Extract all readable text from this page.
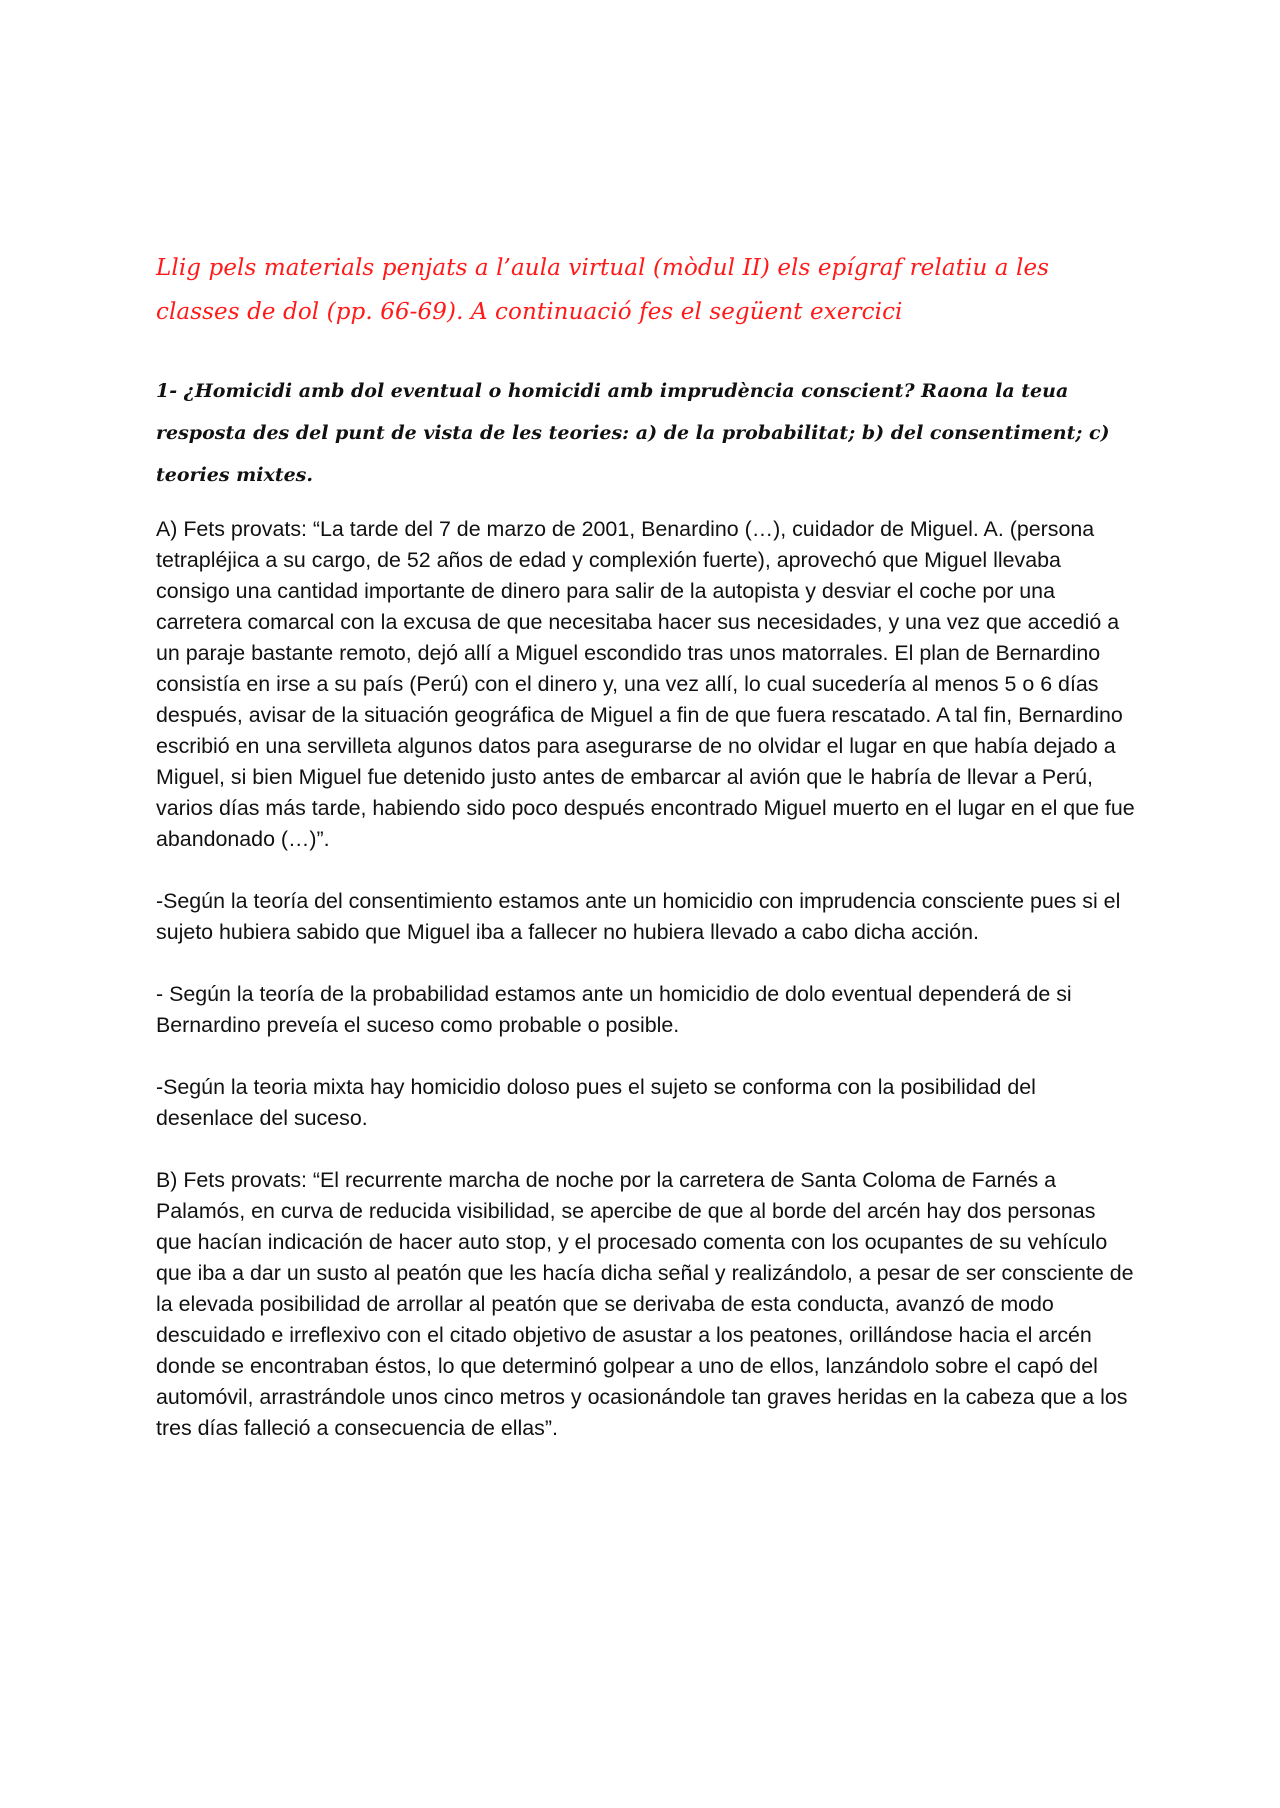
Llig pels materials penjats a l’aula virtual (mòdul II) els epígraf relatiu a les classes de dol (pp. 66-69). A continuació fes el següent exercici

1- ¿Homicidi amb dol eventual o homicidi amb imprudència conscient? Raona la teua resposta des del punt de vista de les teories: a) de la probabilitat; b) del consentiment; c) teories mixtes.

A) Fets provats: “La tarde del 7 de marzo de 2001, Benardino (…), cuidador de Miguel. A. (persona tetrapléjica a su cargo, de 52 años de edad y complexión fuerte), aprovechó que Miguel llevaba consigo una cantidad importante de dinero para salir de la autopista y desviar el coche por una carretera comarcal con la excusa de que necesitaba hacer sus necesidades, y una vez que accedió a un paraje bastante remoto, dejó allí a Miguel escondido tras unos matorrales. El plan de Bernardino consistía en irse a su país (Perú) con el dinero y, una vez allí, lo cual sucedería al menos 5 o 6 días después, avisar de la situación geográfica de Miguel a fin de que fuera rescatado. A tal fin, Bernardino escribió en una servilleta algunos datos para asegurarse de no olvidar el lugar en que había dejado a Miguel, si bien Miguel fue detenido justo antes de embarcar al avión que le habría de llevar a Perú, varios días más tarde, habiendo sido poco después encontrado Miguel muerto en el lugar en el que fue abandonado (…)”.

-Según la teoría del consentimiento estamos ante un homicidio con imprudencia consciente pues si el sujeto hubiera sabido que Miguel iba a fallecer no hubiera llevado a cabo dicha acción.

- Según la teoría de la probabilidad estamos ante un homicidio de dolo eventual dependerá de si Bernardino preveía el suceso como probable o posible.

-Según la teoria mixta hay homicidio doloso pues el sujeto se conforma con la posibilidad del desenlace del suceso.

B) Fets provats: “El recurrente marcha de noche por la carretera de Santa Coloma de Farnés a Palamós, en curva de reducida visibilidad, se apercibe de que al borde del arcén hay dos personas que hacían indicación de hacer auto stop, y el procesado comenta con los ocupantes de su vehículo que iba a dar un susto al peatón que les hacía dicha señal y realizándolo, a pesar de ser consciente de la elevada posibilidad de arrollar al peatón que se derivaba de esta conducta, avanzó de modo descuidado e irreflexivo con el citado objetivo de asustar a los peatones, orillándose hacia el arcén donde se encontraban éstos, lo que determinó golpear a uno de ellos, lanzándolo sobre el capó del automóvil, arrastrándole unos cinco metros y ocasionándole tan graves heridas en la cabeza que a los tres días falleció a consecuencia de ellas”.
